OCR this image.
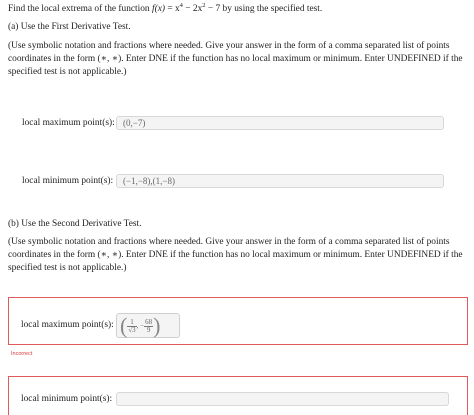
Find the local extrema of the function $f(x) = x^4 - 2x^2 - 7$ by using the specified test.
(a) Use the First Derivative Test.
(Use symbolic notation and fractions where needed. Give your answer in the form of a comma separated list of points
coordinates in the form (∗, ∗). Enter DNE if the function has no local maximum or minimum. Enter UNDEFINED if the
specified test is not applicable.)
local maximum point(s): (0,−7)
local minimum point(s):	(−1,−8),(1,−8)
(b) Use the Second Derivative Test.
(Use symbolic notation and fractions where needed. Give your answer in the form of a comma separated list of points
coordinates in the form (∗, ∗). Enter DNE if the function has no local maximum or minimum. Enter UNDEFINED if the
specified test is not applicable.)
local maximum point(s): ( $\frac{1}{√3}$ , − $\frac{68}{9}$ )
Incorrect
local minimum point(s):
